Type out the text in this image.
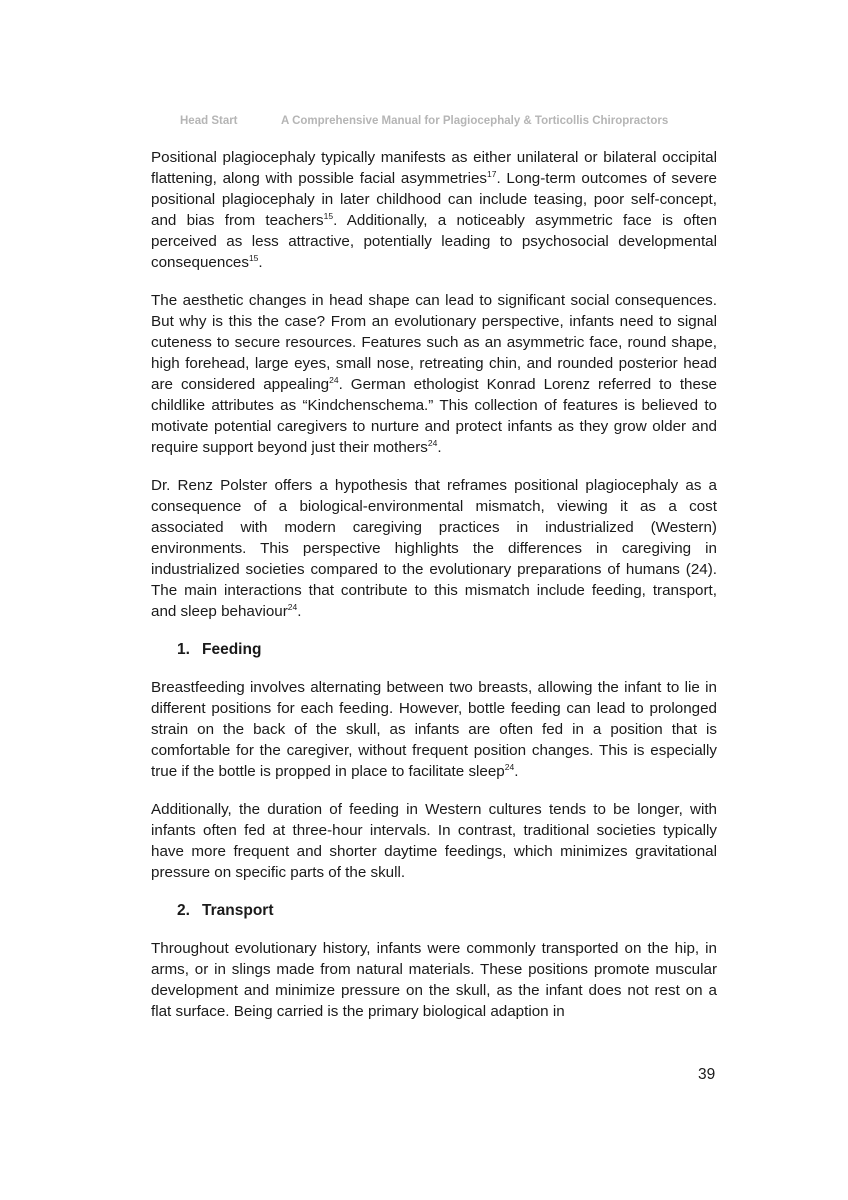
Head Start	A Comprehensive Manual for Plagiocephaly & Torticollis Chiropractors

Positional plagiocephaly typically manifests as either unilateral or bilateral occipital flattening, along with possible facial asymmetries$^{17}$. Long-term outcomes of severe positional plagiocephaly in later childhood can include teasing, poor self-concept, and bias from teachers$^{15}$. Additionally, a noticeably asymmetric face is often perceived as less attractive, potentially leading to psychosocial developmental consequences$^{15}$.

The aesthetic changes in head shape can lead to significant social consequences. But why is this the case? From an evolutionary perspective, infants need to signal cuteness to secure resources. Features such as an asymmetric face, round shape, high forehead, large eyes, small nose, retreating chin, and rounded posterior head are considered appealing$^{24}$. German ethologist Konrad Lorenz referred to these childlike attributes as “Kindchenschema.” This collection of features is believed to motivate potential caregivers to nurture and protect infants as they grow older and require support beyond just their mothers$^{24}$.

Dr. Renz Polster offers a hypothesis that reframes positional plagiocephaly as a consequence of a biological-environmental mismatch, viewing it as a cost associated with modern caregiving practices in industrialized (Western) environments. This perspective highlights the differences in caregiving in industrialized societies compared to the evolutionary preparations of humans (24). The main interactions that contribute to this mismatch include feeding, transport, and sleep behaviour$^{24}$.

1. Feeding

Breastfeeding involves alternating between two breasts, allowing the infant to lie in different positions for each feeding. However, bottle feeding can lead to prolonged strain on the back of the skull, as infants are often fed in a position that is comfortable for the caregiver, without frequent position changes. This is especially true if the bottle is propped in place to facilitate sleep$^{24}$.

Additionally, the duration of feeding in Western cultures tends to be longer, with infants often fed at three-hour intervals. In contrast, traditional societies typically have more frequent and shorter daytime feedings, which minimizes gravitational pressure on specific parts of the skull.

2. Transport

Throughout evolutionary history, infants were commonly transported on the hip, in arms, or in slings made from natural materials. These positions promote muscular development and minimize pressure on the skull, as the infant does not rest on a flat surface. Being carried is the primary biological adaption in

39
